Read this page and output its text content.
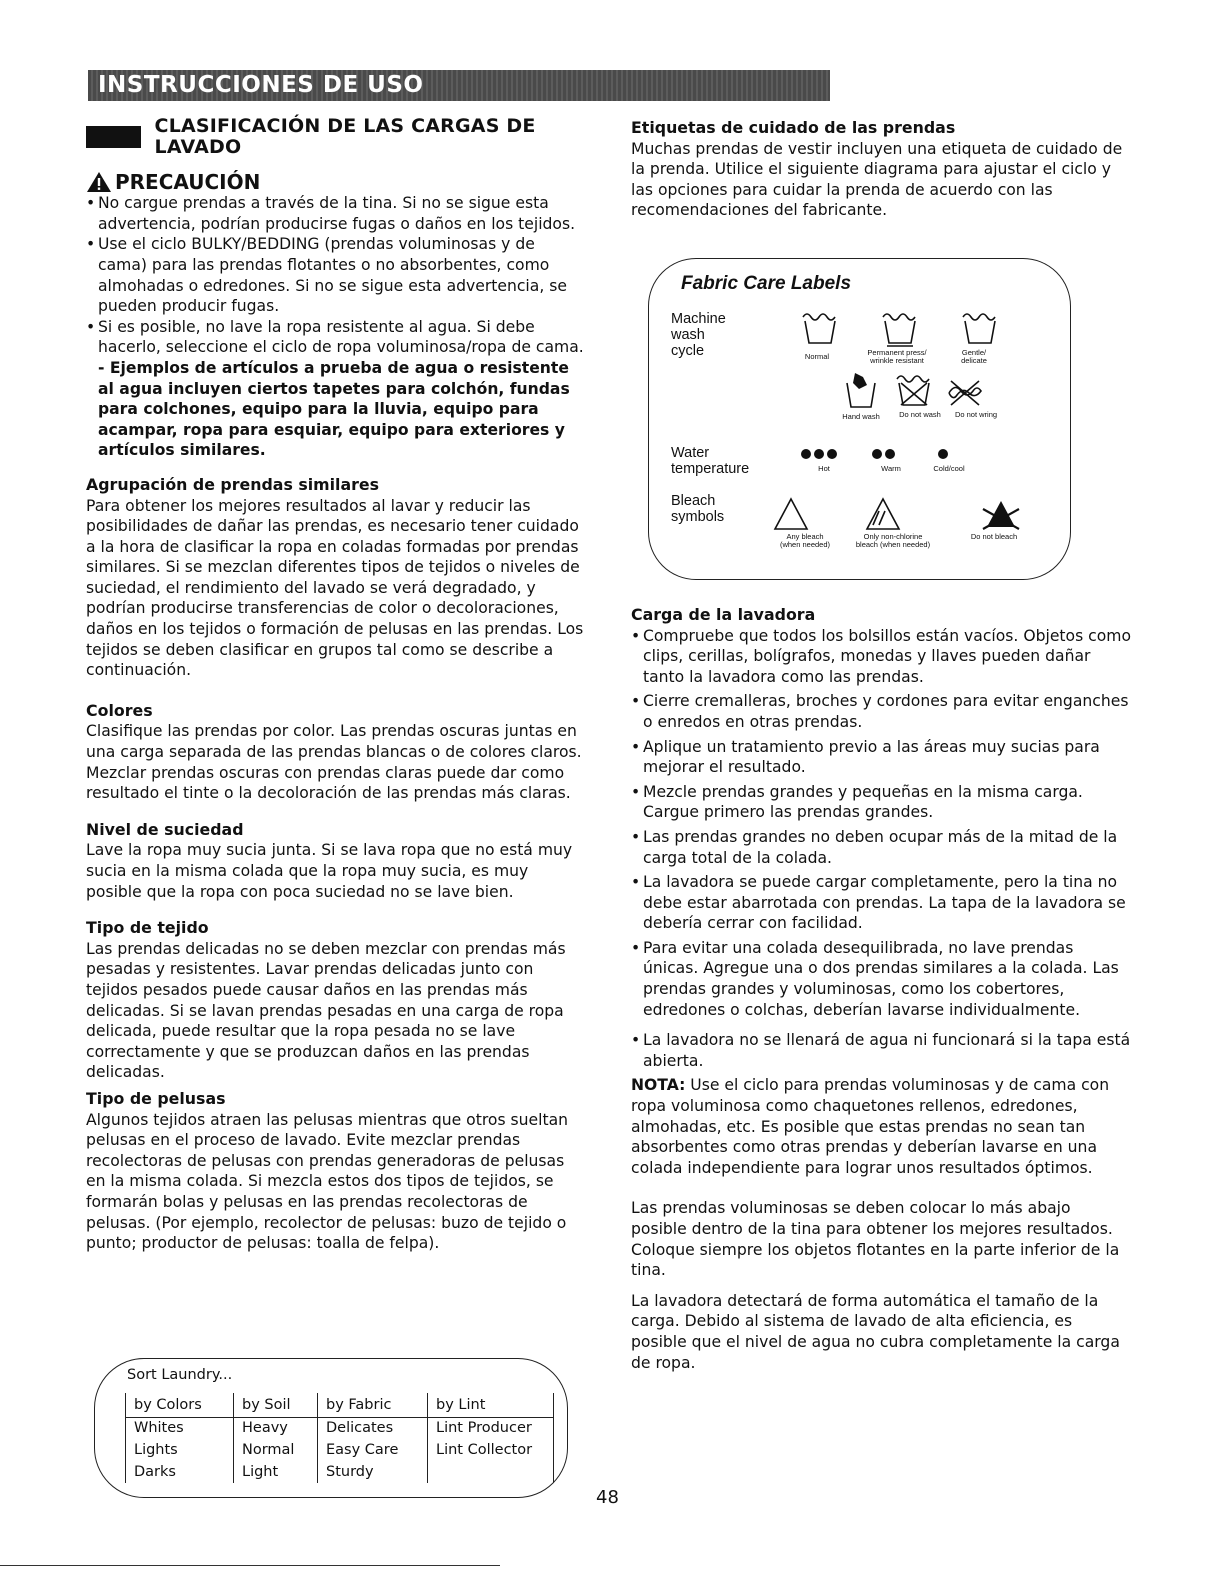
INSTRUCCIONES DE USO
CLASIFICACIÓN DE LAS CARGAS DE LAVADO
PRECAUCIÓN
• No cargue prendas a través de la tina. Si no se sigue esta advertencia, podrían producirse fugas o daños en los tejidos.
• Use el ciclo BULKY/BEDDING (prendas voluminosas y de cama) para las prendas flotantes o no absorbentes, como almohadas o edredones. Si no se sigue esta advertencia, se pueden producir fugas.
• Si es posible, no lave la ropa resistente al agua. Si debe hacerlo, seleccione el ciclo de ropa voluminosa/ropa de cama.
- Ejemplos de artículos a prueba de agua o resistente al agua incluyen ciertos tapetes para colchón, fundas para colchones, equipo para la lluvia, equipo para acampar, ropa para esquiar, equipo para exteriores y artículos similares.
Agrupación de prendas similares
Para obtener los mejores resultados al lavar y reducir las posibilidades de dañar las prendas, es necesario tener cuidado a la hora de clasificar la ropa en coladas formadas por prendas similares. Si se mezclan diferentes tipos de tejidos o niveles de suciedad, el rendimiento del lavado se verá degradado, y podrían producirse transferencias de color o decoloraciones, daños en los tejidos o formación de pelusas en las prendas. Los tejidos se deben clasificar en grupos tal como se describe a continuación.
Colores
Clasifique las prendas por color. Las prendas oscuras juntas en una carga separada de las prendas blancas o de colores claros. Mezclar prendas oscuras con prendas claras puede dar como resultado el tinte o la decoloración de las prendas más claras.
Nivel de suciedad
Lave la ropa muy sucia junta. Si se lava ropa que no está muy sucia en la misma colada que la ropa muy sucia, es muy posible que la ropa con poca suciedad no se lave bien.
Tipo de tejido
Las prendas delicadas no se deben mezclar con prendas más pesadas y resistentes. Lavar prendas delicadas junto con tejidos pesados puede causar daños en las prendas más delicadas. Si se lavan prendas pesadas en una carga de ropa delicada, puede resultar que la ropa pesada no se lave correctamente y que se produzcan daños en las prendas delicadas.
Tipo de pelusas
Algunos tejidos atraen las pelusas mientras que otros sueltan pelusas en el proceso de lavado. Evite mezclar prendas recolectoras de pelusas con prendas generadoras de pelusas en la misma colada. Si mezcla estos dos tipos de tejidos, se formarán bolas y pelusas en las prendas recolectoras de pelusas. (Por ejemplo, recolector de pelusas: buzo de tejido o punto; productor de pelusas: toalla de felpa).
Sort Laundry...
by Colors	by Soil	by Fabric	by Lint
Whites	Heavy	Delicates	Lint Producer
Lights	Normal	Easy Care	Lint Collector
Darks	Light	Sturdy	
Etiquetas de cuidado de las prendas
Muchas prendas de vestir incluyen una etiqueta de cuidado de la prenda. Utilice el siguiente diagrama para ajustar el ciclo y las opciones para cuidar la prenda de acuerdo con las recomendaciones del fabricante.
Carga de la lavadora
• Compruebe que todos los bolsillos están vacíos. Objetos como clips, cerillas, bolígrafos, monedas y llaves pueden dañar tanto la lavadora como las prendas.
• Cierre cremalleras, broches y cordones para evitar enganches o enredos en otras prendas.
• Aplique un tratamiento previo a las áreas muy sucias para mejorar el resultado.
• Mezcle prendas grandes y pequeñas en la misma carga. Cargue primero las prendas grandes.
• Las prendas grandes no deben ocupar más de la mitad de la carga total de la colada.
• La lavadora se puede cargar completamente, pero la tina no debe estar abarrotada con prendas. La tapa de la lavadora se debería cerrar con facilidad.
• Para evitar una colada desequilibrada, no lave prendas únicas. Agregue una o dos prendas similares a la colada. Las prendas grandes y voluminosas, como los cobertores, edredones o colchas, deberían lavarse individualmente.
• La lavadora no se llenará de agua ni funcionará si la tapa está abierta.
NOTA: Use el ciclo para prendas voluminosas y de cama con
ropa voluminosa como chaquetones rellenos, edredones, almohadas, etc. Es posible que estas prendas no sean tan absorbentes como otras prendas y deberían lavarse en una colada independiente para lograr unos resultados óptimos.
Las prendas voluminosas se deben colocar lo más abajo posible dentro de la tina para obtener los mejores resultados. Coloque siempre los objetos flotantes en la parte inferior de la tina.
La lavadora detectará de forma automática el tamaño de la carga. Debido al sistema de lavado de alta eficiencia, es posible que el nivel de agua no cubra completamente la carga de ropa.
Fabric Care Labels
Machine wash cycle	Normal	Permanent press/ wrinkle resistant
Gentle/ delicate
Hand wash	Do not wash	Do not wring
Water temperature	Hot	Warm	Cold/cool
Bleach symbols
Any bleach (when needed)
Only non-chlorine bleach (when needed)
Do not bleach
48
